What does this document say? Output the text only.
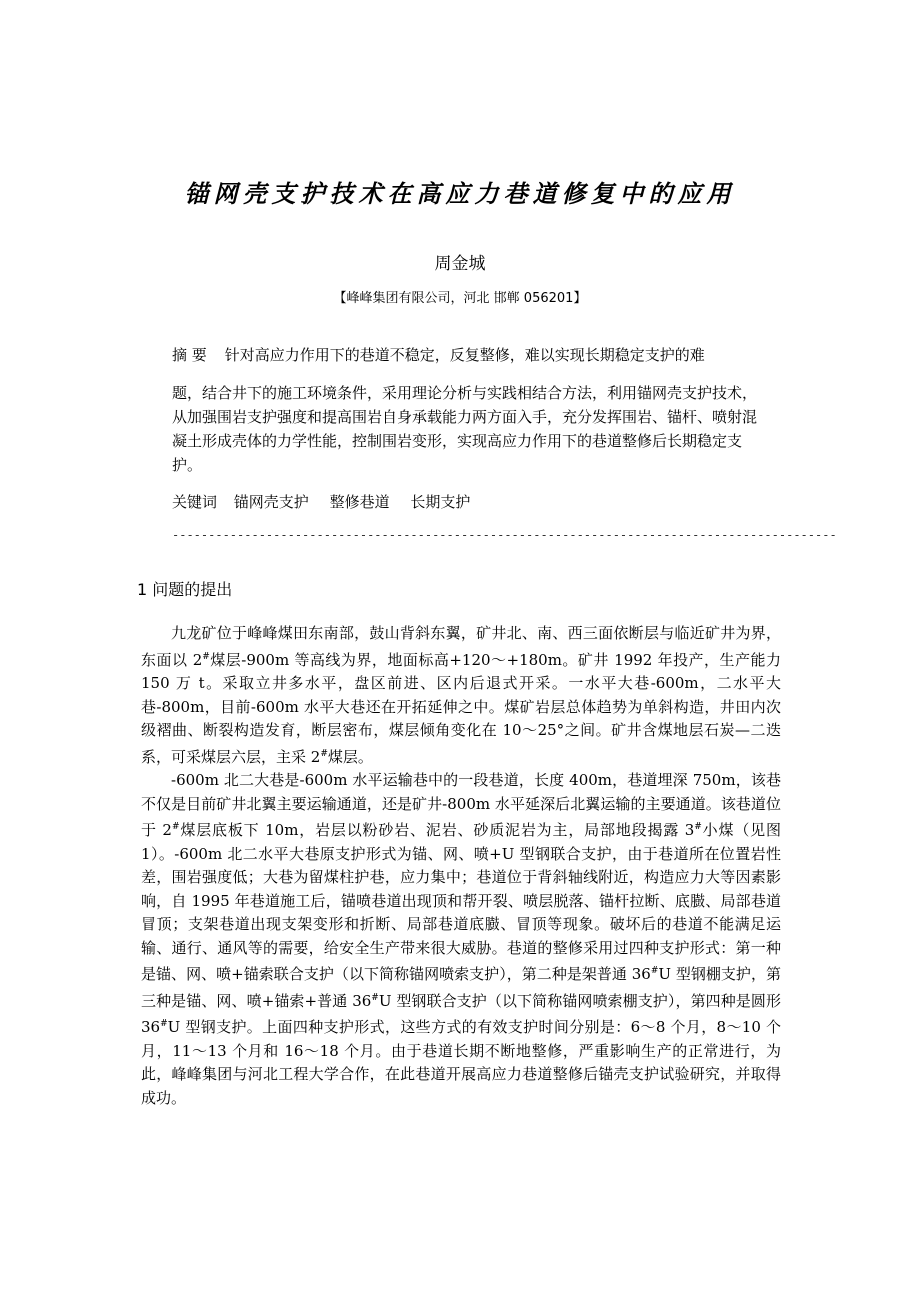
锚网壳支护技术在高应力巷道修复中的应用
周金城
【峰峰集团有限公司，河北 邯郸 056201】
摘 要 针对高应力作用下的巷道不稳定，反复整修，难以实现长期稳定支护的难
题，结合井下的施工环境条件，采用理论分析与实践相结合方法，利用锚网壳支护技术，从加强围岩支护强度和提高围岩自身承载能力两方面入手，充分发挥围岩、锚杆、喷射混凝土形成壳体的力学性能，控制围岩变形，实现高应力作用下的巷道整修后长期稳定支护。
关键词 锚网壳支护 整修巷道 长期支护
--------------------------------------------------------------------------------------------
1 问题的提出

九龙矿位于峰峰煤田东南部，鼓山背斜东翼，矿井北、南、西三面依断层与临近矿井为界，东面以 2#煤层-900m 等高线为界，地面标高+120～+180m。矿井 1992 年投产，生产能力 150 万 t。采取立井多水平，盘区前进、区内后退式开采。一水平大巷-600m，二水平大巷-800m，目前-600m 水平大巷还在开拓延伸之中。煤矿岩层总体趋势为单斜构造，井田内次级褶曲、断裂构造发育，断层密布，煤层倾角变化在 10～25°之间。矿井含煤地层石炭—二迭系，可采煤层六层，主采 2#煤层。

-600m 北二大巷是-600m 水平运输巷中的一段巷道，长度 400m，巷道埋深 750m，该巷不仅是目前矿井北翼主要运输通道，还是矿井-800m 水平延深后北翼运输的主要通道。该巷道位于 2#煤层底板下 10m，岩层以粉砂岩、泥岩、砂质泥岩为主，局部地段揭露 3#小煤（见图 1）。-600m 北二水平大巷原支护形式为锚、网、喷+U 型钢联合支护，由于巷道所在位置岩性差，围岩强度低；大巷为留煤柱护巷，应力集中；巷道位于背斜轴线附近，构造应力大等因素影响，自 1995 年巷道施工后，锚喷巷道出现顶和帮开裂、喷层脱落、锚杆拉断、底臌、局部巷道冒顶；支架巷道出现支架变形和折断、局部巷道底臌、冒顶等现象。破坏后的巷道不能满足运输、通行、通风等的需要，给安全生产带来很大威胁。巷道的整修采用过四种支护形式：第一种是锚、网、喷+锚索联合支护（以下简称锚网喷索支护），第二种是架普通 36#U 型钢棚支护，第三种是锚、网、喷+锚索+普通 36#U 型钢联合支护（以下简称锚网喷索棚支护），第四种是圆形 36#U 型钢支护。上面四种支护形式，这些方式的有效支护时间分别是：6～8 个月，8～10 个月，11～13 个月和 16～18 个月。由于巷道长期不断地整修，严重影响生产的正常进行，为此，峰峰集团与河北工程大学合作，在此巷道开展高应力巷道整修后锚壳支护试验研究，并取得成功。
